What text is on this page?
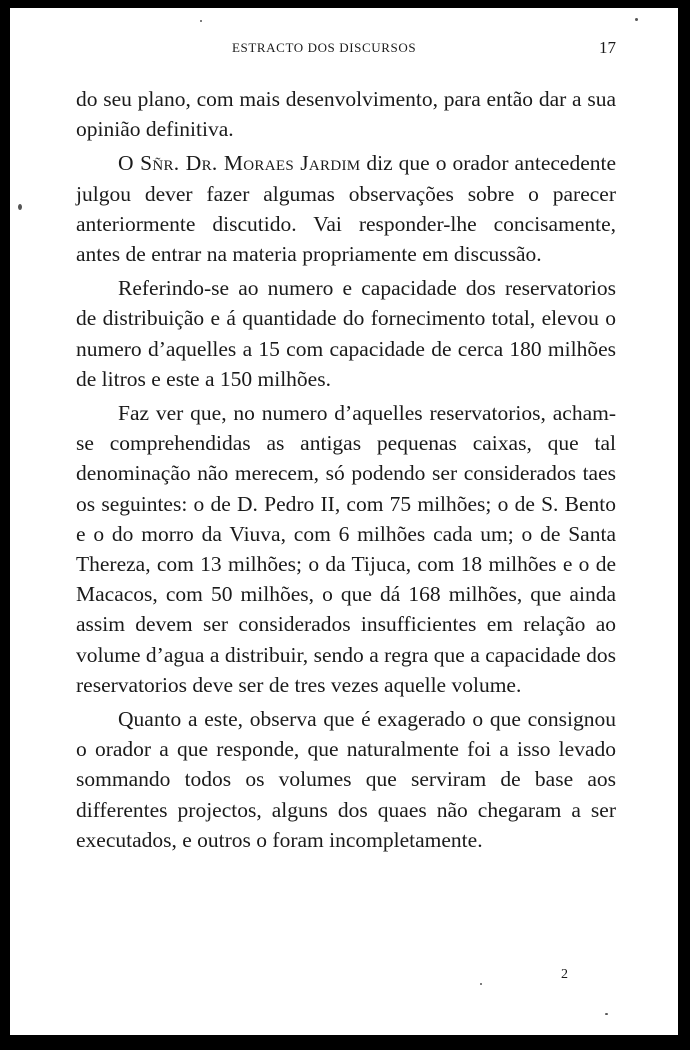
ESTRACTO DOS DISCURSOS	17

do seu plano, com mais desenvolvimento, para então dar a sua opinião definitiva.

O Sñr. Dr. Moraes Jardim diz que o orador antecedente julgou dever fazer algumas observações sobre o parecer anteriormente discutido. Vai responder-lhe concisamente, antes de entrar na materia propriamente em discussão.

Referindo-se ao numero e capacidade dos reservatorios de distribuição e á quantidade do fornecimento total, elevou o numero d’aquelles a 15 com capacidade de cerca 180 milhões de litros e este a 150 milhões.

Faz ver que, no numero d’aquelles reservatorios, acham-se comprehendidas as antigas pequenas caixas, que tal denominação não merecem, só podendo ser considerados taes os seguintes: o de D. Pedro II, com 75 milhões; o de S. Bento e o do morro da Viuva, com 6 milhões cada um; o de Santa Thereza, com 13 milhões; o da Tijuca, com 18 milhões e o de Macacos, com 50 milhões, o que dá 168 milhões, que ainda assim devem ser considerados insufficientes em relação ao volume d’agua a distribuir, sendo a regra que a capacidade dos reservatorios deve ser de tres vezes aquelle volume.

Quanto a este, observa que é exagerado o que consignou o orador a que responde, que naturalmente foi a isso levado sommando todos os volumes que serviram de base aos differentes projectos, alguns dos quaes não chegaram a ser executados, e outros o foram incompletamente.

2
